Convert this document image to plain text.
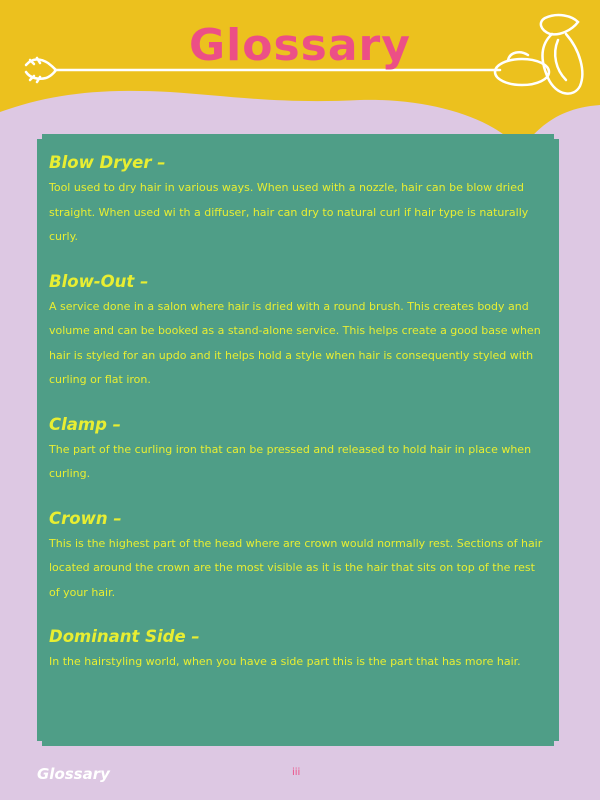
Glossary

Blow Dryer –

Tool used to dry hair in various ways. When used with a nozzle, hair can be blow dried straight. When used wi th a diffuser, hair can dry to natural curl if hair type is naturally curly.

Blow-Out –

A service done in a salon where hair is dried with a round brush. This creates body and volume and can be booked as a stand-alone service. This helps create a good base when hair is styled for an updo and it helps hold a style when hair is consequently styled with curling or flat iron.

Clamp –

The part of the curling iron that can be pressed and released to hold hair in place when curling.

Crown –

This is the highest part of the head where are crown would normally rest. Sections of hair located around the crown are the most visible as it is the hair that sits on top of the rest of your hair.

Dominant Side –

In the hairstyling world, when you have a side part this is the part that has more hair.

Glossary	iii
